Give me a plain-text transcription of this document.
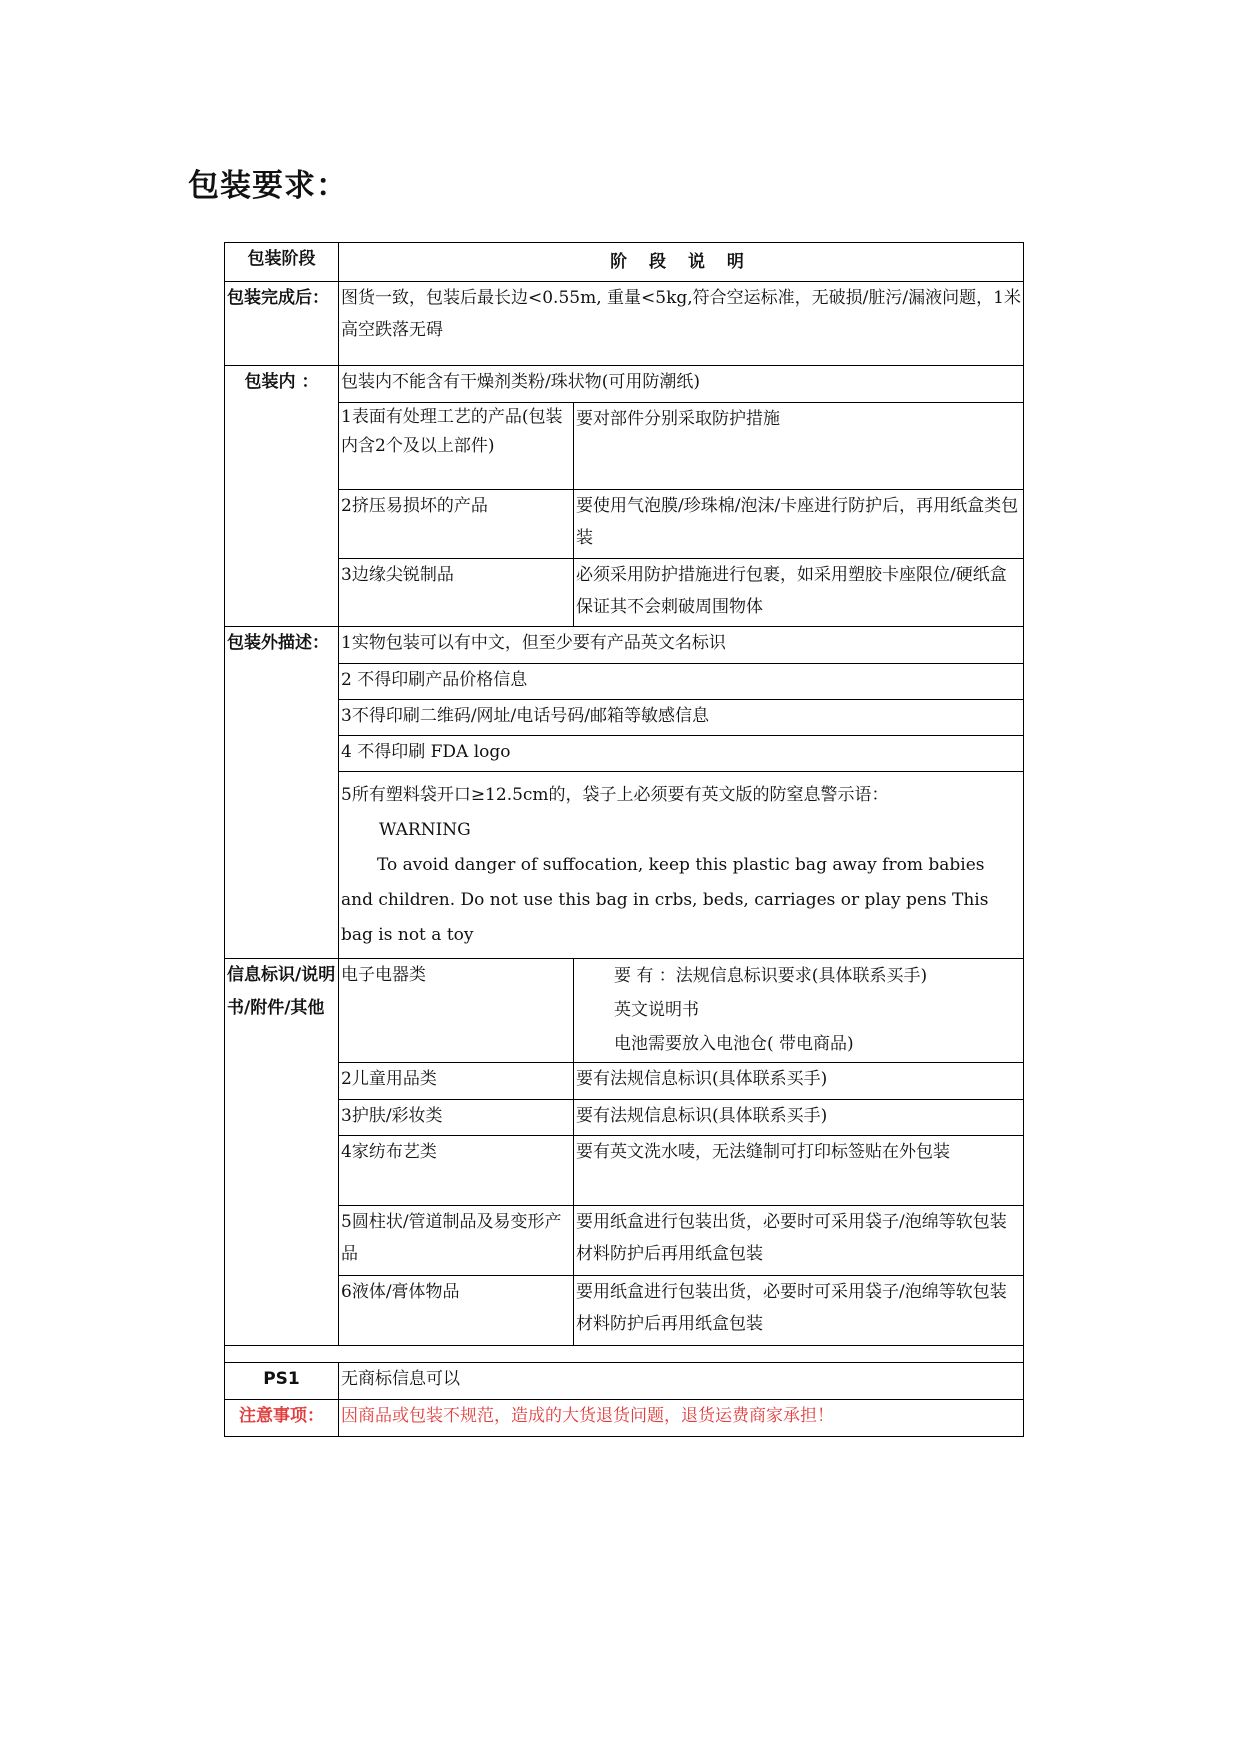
包装要求：
包装阶段	阶 段 说 明	
包装完成后：	图货一致，包装后最长边<0.55m, 重量<5kg,符合空运标准，无破损/脏污/漏液问题，1米高空跌落无碍	
包装内 ：	包装内不能含有干燥剂类粉/珠状物(可用防潮纸)	
	1表面有处理工艺的产品(包装内含2个及以上部件)	要对部件分别采取防护措施
	2挤压易损坏的产品	要使用气泡膜/珍珠棉/泡沫/卡座进行防护后，再用纸盒类包装
	3边缘尖锐制品	必须采用防护措施进行包裹，如采用塑胶卡座限位/硬纸盒保证其不会刺破周围物体
包装外描述：	1实物包装可以有中文，但至少要有产品英文名标识	
	2 不得印刷产品价格信息	
	3不得印刷二维码/网址/电话号码/邮箱等敏感信息	
	4 不得印刷 FDA logo	

	5所有塑料袋开口≥12.5cm的，袋子上必须要有英文版的防窒息警示语：
WARNING
To avoid danger of suffocation, keep this plastic bag away from babies and children. Do not use this bag in crbs, beds, carriages or play pens This bag is not a toy	

信息标识/说明书/附件/其他	电子电器类	要 有 ：法规信息标识要求(具体联系买手)
英文说明书
电池需要放入电池仓( 带电商品)

	2儿童用品类	要有法规信息标识(具体联系买手)
	3护肤/彩妆类	要有法规信息标识(具体联系买手)
	4家纺布艺类	要有英文洗水唛，无法缝制可打印标签贴在外包装
	5圆柱状/管道制品及易变形产品	要用纸盒进行包装出货，必要时可采用袋子/泡绵等软包装材料防护后再用纸盒包装
	6液体/膏体物品	要用纸盒进行包装出货，必要时可采用袋子/泡绵等软包装材料防护后再用纸盒包装

PS1	无商标信息可以	
注意事项：	因商品或包装不规范，造成的大货退货问题，退货运费商家承担！	
